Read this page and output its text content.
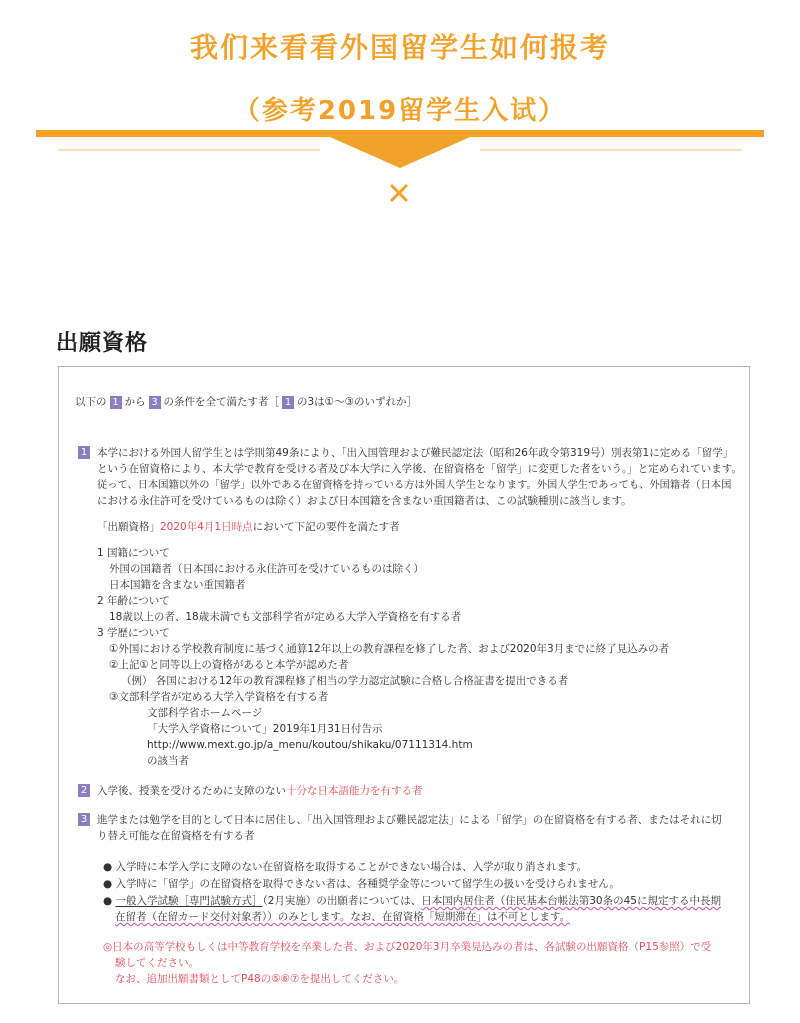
我们来看看外国留学生如何报考
（参考2019留学生入试）
出願資格
以下の 1 から 3 の条件を全て満たす者［ 1 の3は①〜③のいずれか］
1 本学における外国人留学生とは学則第49条により、「出入国管理および難民認定法（昭和26年政令第319号）別表第1に定める「留学」
という在留資格により、本大学で教育を受ける者及び本大学に入学後、在留資格を「留学」に変更した者をいう。」と定められています。
従って、日本国籍以外の「留学」以外である在留資格を持っている方は外国人学生となります。外国人学生であっても、外国籍者（日本国
における永住許可を受けているものは除く）および日本国籍を含まない重国籍者は、この試験種別に該当します。
「出願資格」2020年4月1日時点において下記の要件を満たす者
1 国籍について
外国の国籍者（日本国における永住許可を受けているものは除く）
日本国籍を含まない重国籍者
2 年齢について
18歳以上の者、18歳未満でも文部科学省が定める大学入学資格を有する者
3 学歴について
①外国における学校教育制度に基づく通算12年以上の教育課程を修了した者、および2020年3月までに終了見込みの者
②上記①と同等以上の資格があると本学が認めた者
（例） 各国における12年の教育課程修了相当の学力認定試験に合格し合格証書を提出できる者
③文部科学省が定める大学入学資格を有する者
文部科学省ホームページ
「大学入学資格について」2019年1月31日付告示
http://www.mext.go.jp/a_menu/koutou/shikaku/07111314.htm
の該当者
2 入学後、授業を受けるために支障のない十分な日本語能力を有する者
3 進学または勉学を目的として日本に居住し、「出入国管理および難民認定法」による「留学」の在留資格を有する者、またはそれに切
り替え可能な在留資格を有する者
● 入学時に本学入学に支障のない在留資格を取得することができない場合は、入学が取り消されます。
● 入学時に「留学」の在留資格を取得できない者は、各種奨学金等について留学生の扱いを受けられません。
● 一般入学試験［専門試験方式］（2月実施）の出願者については、日本国内居住者（住民基本台帳法第30条の45に規定する中長期
在留者（在留カード交付対象者））のみとします。なお、在留資格「短期滞在」は不可とします。
◎日本の高等学校もしくは中等教育学校を卒業した者、および2020年3月卒業見込みの者は、各試験の出願資格（P15参照）で受
験してください。
なお、追加出願書類としてP48の⑤⑥⑦を提出してください。
